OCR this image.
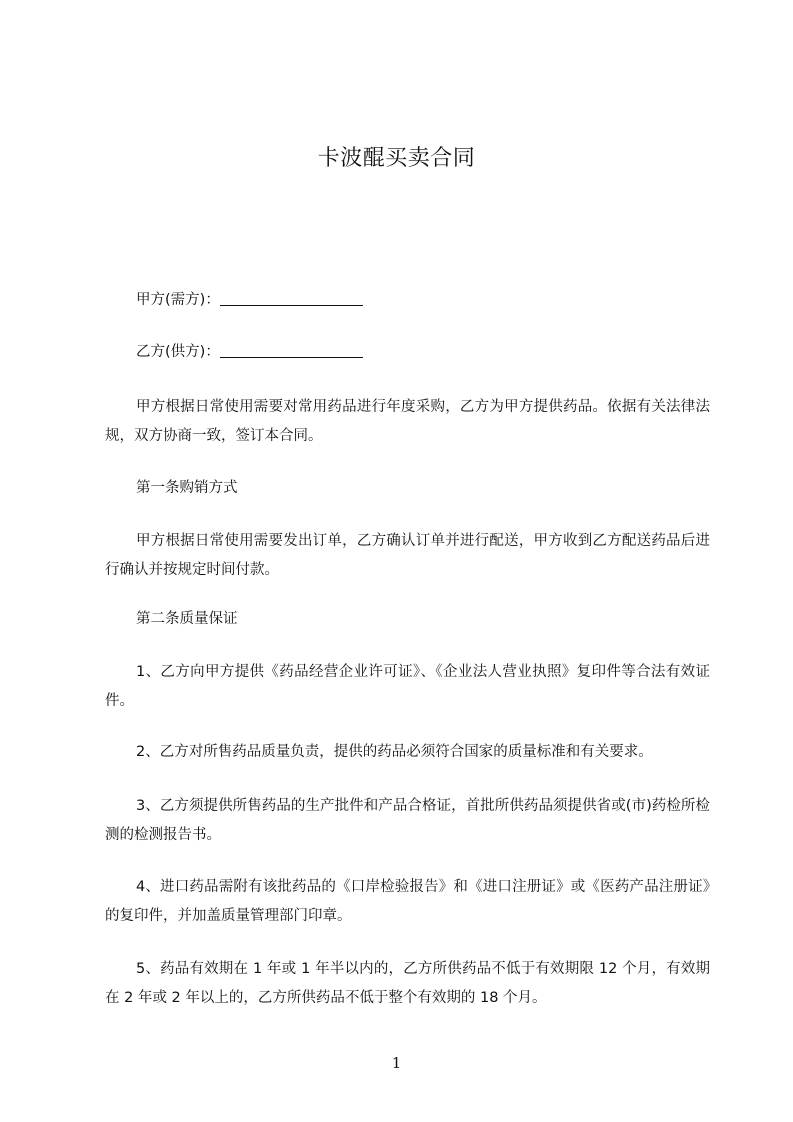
卡波醌买卖合同
甲方(需方)：
乙方(供方)：
甲方根据日常使用需要对常用药品进行年度采购，乙方为甲方提供药品。依据有关法律法规，双方协商一致，签订本合同。
第一条购销方式
甲方根据日常使用需要发出订单，乙方确认订单并进行配送，甲方收到乙方配送药品后进行确认并按规定时间付款。
第二条质量保证
1、乙方向甲方提供《药品经营企业许可证》、《企业法人营业执照》复印件等合法有效证件。
2、乙方对所售药品质量负责，提供的药品必须符合国家的质量标准和有关要求。
3、乙方须提供所售药品的生产批件和产品合格证，首批所供药品须提供省或(市)药检所检测的检测报告书。
4、进口药品需附有该批药品的《口岸检验报告》和《进口注册证》或《医药产品注册证》的复印件，并加盖质量管理部门印章。
5、药品有效期在 1 年或 1 年半以内的，乙方所供药品不低于有效期限 12 个月，有效期在 2 年或 2 年以上的，乙方所供药品不低于整个有效期的 18 个月。
1
